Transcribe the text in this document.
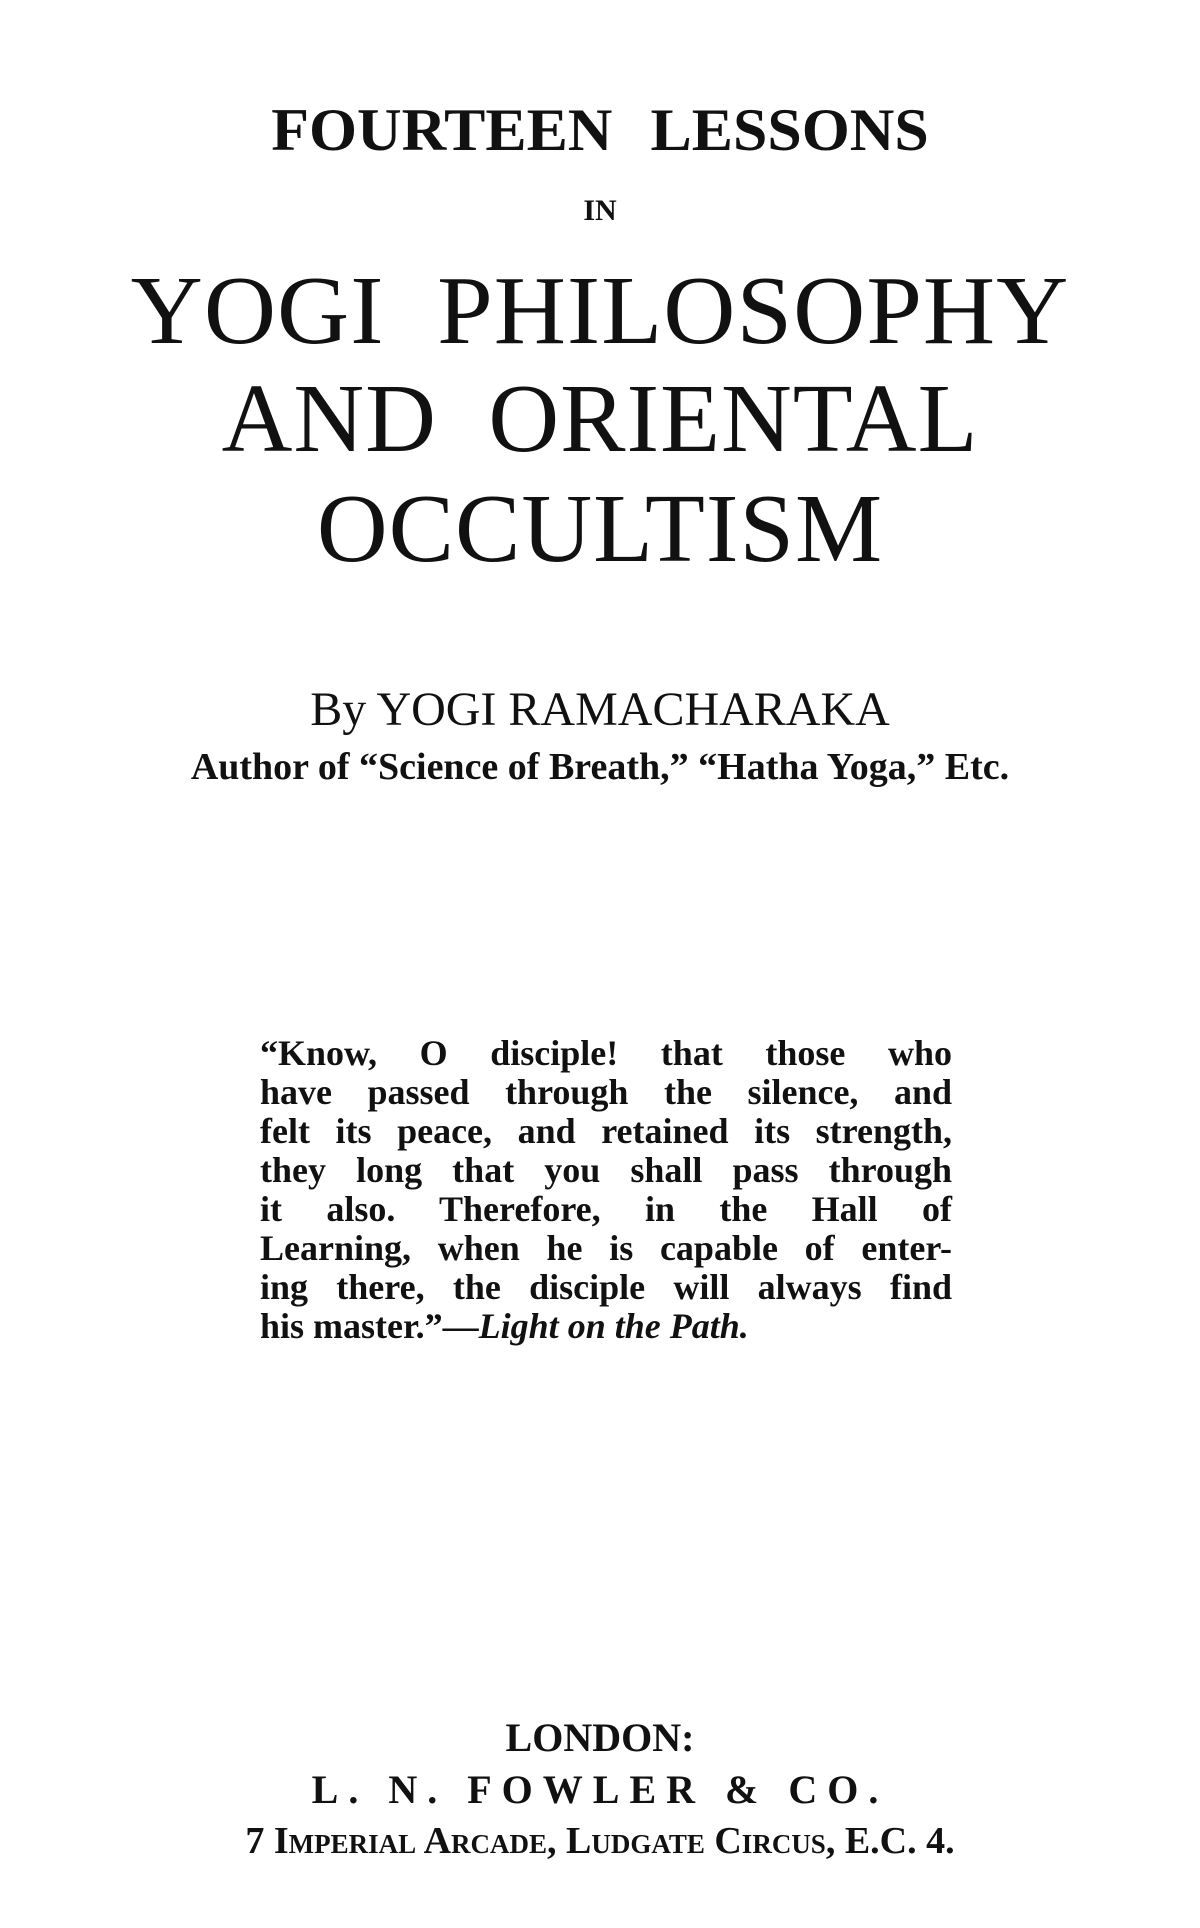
FOURTEEN LESSONS
IN
YOGI PHILOSOPHY
AND ORIENTAL
OCCULTISM
By YOGI RAMACHARAKA
Author of “Science of Breath,” “Hatha Yoga,” Etc.
“Know, O disciple! that those who
have passed through the silence, and
felt its peace, and retained its strength,
they long that you shall pass through
it also. Therefore, in the Hall of
Learning, when he is capable of enter-
ing there, the disciple will always find
his master.”—Light on the Path.
LONDON:
L. N. FOWLER & CO.
7 Imperial Arcade, Ludgate Circus, E.C. 4.
